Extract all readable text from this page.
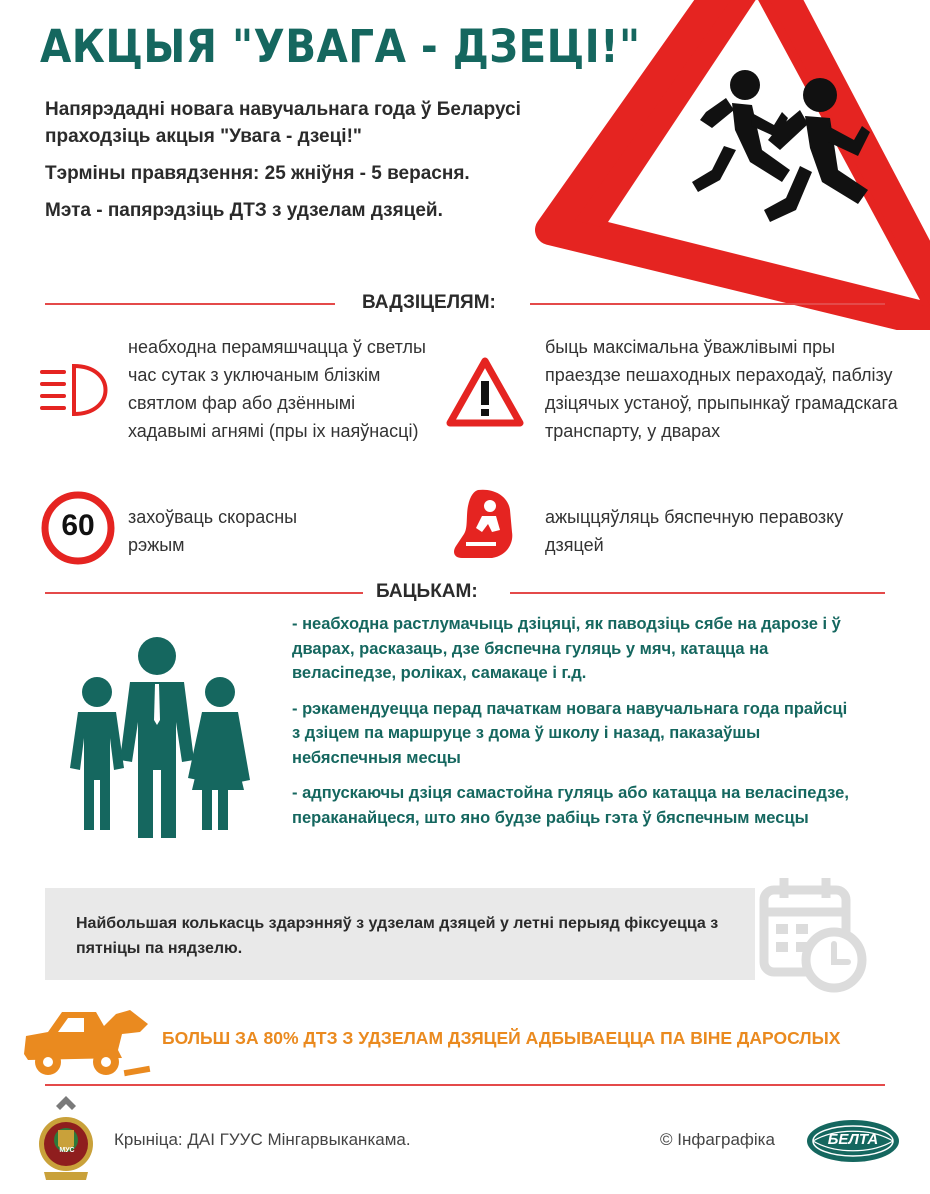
АКЦЫЯ "УВАГА - ДЗЕЦІ!"

Напярэдадні новага навучальнага года ў Беларусі праходзіць акцыя "Увага - дзеці!"

Тэрміны правядзення: 25 жніўня - 5 верасня.

Мэта - папярэдзіць ДТЗ з удзелам дзяцей.

ВАДЗІЦЕЛЯМ:
неабходна перамяшчацца ў светлы час сутак з уключаным блізкім святлом фар або дзённымі хадавымі агнямі (пры іх наяўнасці)
быць максімальна ўважлівымі пры праездзе пешаходных пераходаў, паблізу дзіцячых устаноў, прыпынкаў грамадскага транспарту, у дварах
60	захоўваць скорасны рэжым
ажыццяўляць бяспечную перавозку дзяцей
БАЦЬКАМ:

- неабходна растлумачыць дзіцяці, як паводзіць сябе на дарозе і ў дварах, расказаць, дзе бяспечна гуляць у мяч, катацца на веласіпедзе, роліках, самакаце і г.д.

- рэкамендуецца перад пачаткам новага навучальнага года прайсці з дзіцем па маршруце з дома ў школу і назад, паказаўшы небяспечныя месцы

- адпускаючы дзіця самастойна гуляць або катацца на веласіпедзе, пераканайцеся, што яно будзе рабіць гэта ў бяспечным месцы

Найбольшая колькасць здарэнняў з удзелам дзяцей у летні перыяд фіксуецца з пятніцы па нядзелю.
БОЛЬШ ЗА 80% ДТЗ З УДЗЕЛАМ ДЗЯЦЕЙ АДБЫВАЕЦЦА ПА ВІНЕ ДАРОСЛЫХ
МУС
Крыніца: ДАІ ГУУС Мінгарвыканкама.	© Інфаграфіка	БЕЛТА
